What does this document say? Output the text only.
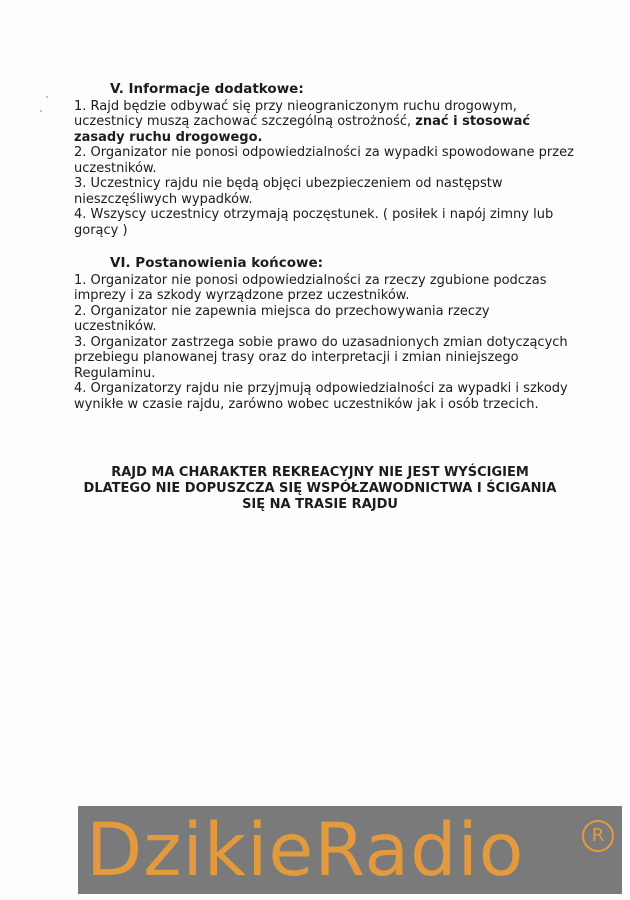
V. Informacje dodatkowe:

1. Rajd będzie odbywać się przy nieograniczonym ruchu drogowym, uczestnicy muszą zachować szczególną ostrożność, znać i stosować zasady ruchu drogowego.

2. Organizator nie ponosi odpowiedzialności za wypadki spowodowane przez uczestników.

3. Uczestnicy rajdu nie będą objęci ubezpieczeniem od następstw nieszczęśliwych wypadków.

4. Wszyscy uczestnicy otrzymają poczęstunek. ( posiłek i napój zimny lub gorący )

VI. Postanowienia końcowe:

1. Organizator nie ponosi odpowiedzialności za rzeczy zgubione podczas imprezy i za szkody wyrządzone przez uczestników.

2. Organizator nie zapewnia miejsca do przechowywania rzeczy uczestników.

3. Organizator zastrzega sobie prawo do uzasadnionych zmian dotyczących przebiegu planowanej trasy oraz do interpretacji i zmian niniejszego Regulaminu.

4. Organizatorzy rajdu nie przyjmują odpowiedzialności za wypadki i szkody wynikłe w czasie rajdu, zarówno wobec uczestników jak i osób trzecich.

RAJD MA CHARAKTER REKREACYJNY NIE JEST WYŚCIGIEM
DLATEGO NIE DOPUSZCZA SIĘ WSPÓŁZAWODNICTWA I ŚCIGANIA
SIĘ NA TRASIE RAJDU
DzikieRadio	R
